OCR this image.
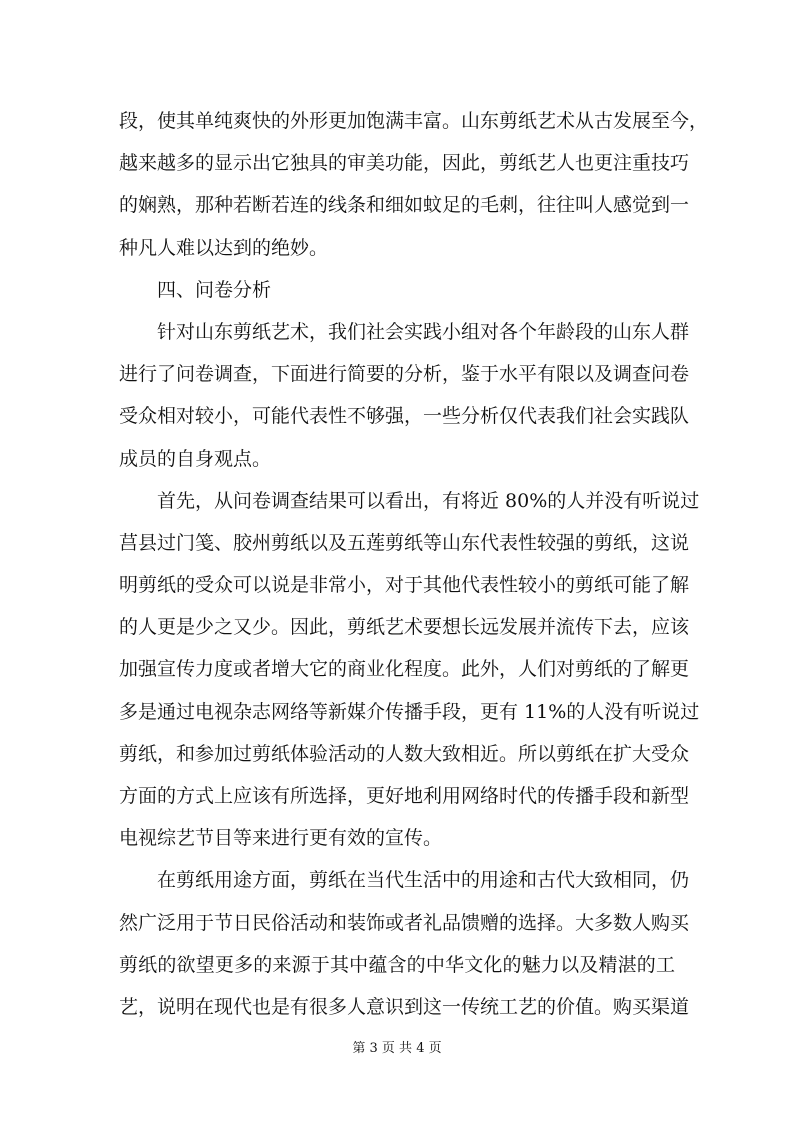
段，使其单纯爽快的外形更加饱满丰富。山东剪纸艺术从古发展至今，
越来越多的显示出它独具的审美功能，因此，剪纸艺人也更注重技巧
的娴熟，那种若断若连的线条和细如蚊足的毛刺，往往叫人感觉到一
种凡人难以达到的绝妙。
四、问卷分析
针对山东剪纸艺术，我们社会实践小组对各个年龄段的山东人群
进行了问卷调查，下面进行简要的分析，鉴于水平有限以及调查问卷
受众相对较小，可能代表性不够强，一些分析仅代表我们社会实践队
成员的自身观点。
首先，从问卷调查结果可以看出，有将近 80%的人并没有听说过
莒县过门笺、胶州剪纸以及五莲剪纸等山东代表性较强的剪纸，这说
明剪纸的受众可以说是非常小，对于其他代表性较小的剪纸可能了解
的人更是少之又少。因此，剪纸艺术要想长远发展并流传下去，应该
加强宣传力度或者增大它的商业化程度。此外，人们对剪纸的了解更
多是通过电视杂志网络等新媒介传播手段，更有 11%的人没有听说过
剪纸，和参加过剪纸体验活动的人数大致相近。所以剪纸在扩大受众
方面的方式上应该有所选择，更好地利用网络时代的传播手段和新型
电视综艺节目等来进行更有效的宣传。
在剪纸用途方面，剪纸在当代生活中的用途和古代大致相同，仍
然广泛用于节日民俗活动和装饰或者礼品馈赠的选择。大多数人购买
剪纸的欲望更多的来源于其中蕴含的中华文化的魅力以及精湛的工
艺，说明在现代也是有很多人意识到这一传统工艺的价值。购买渠道
第 3 页 共 4 页
